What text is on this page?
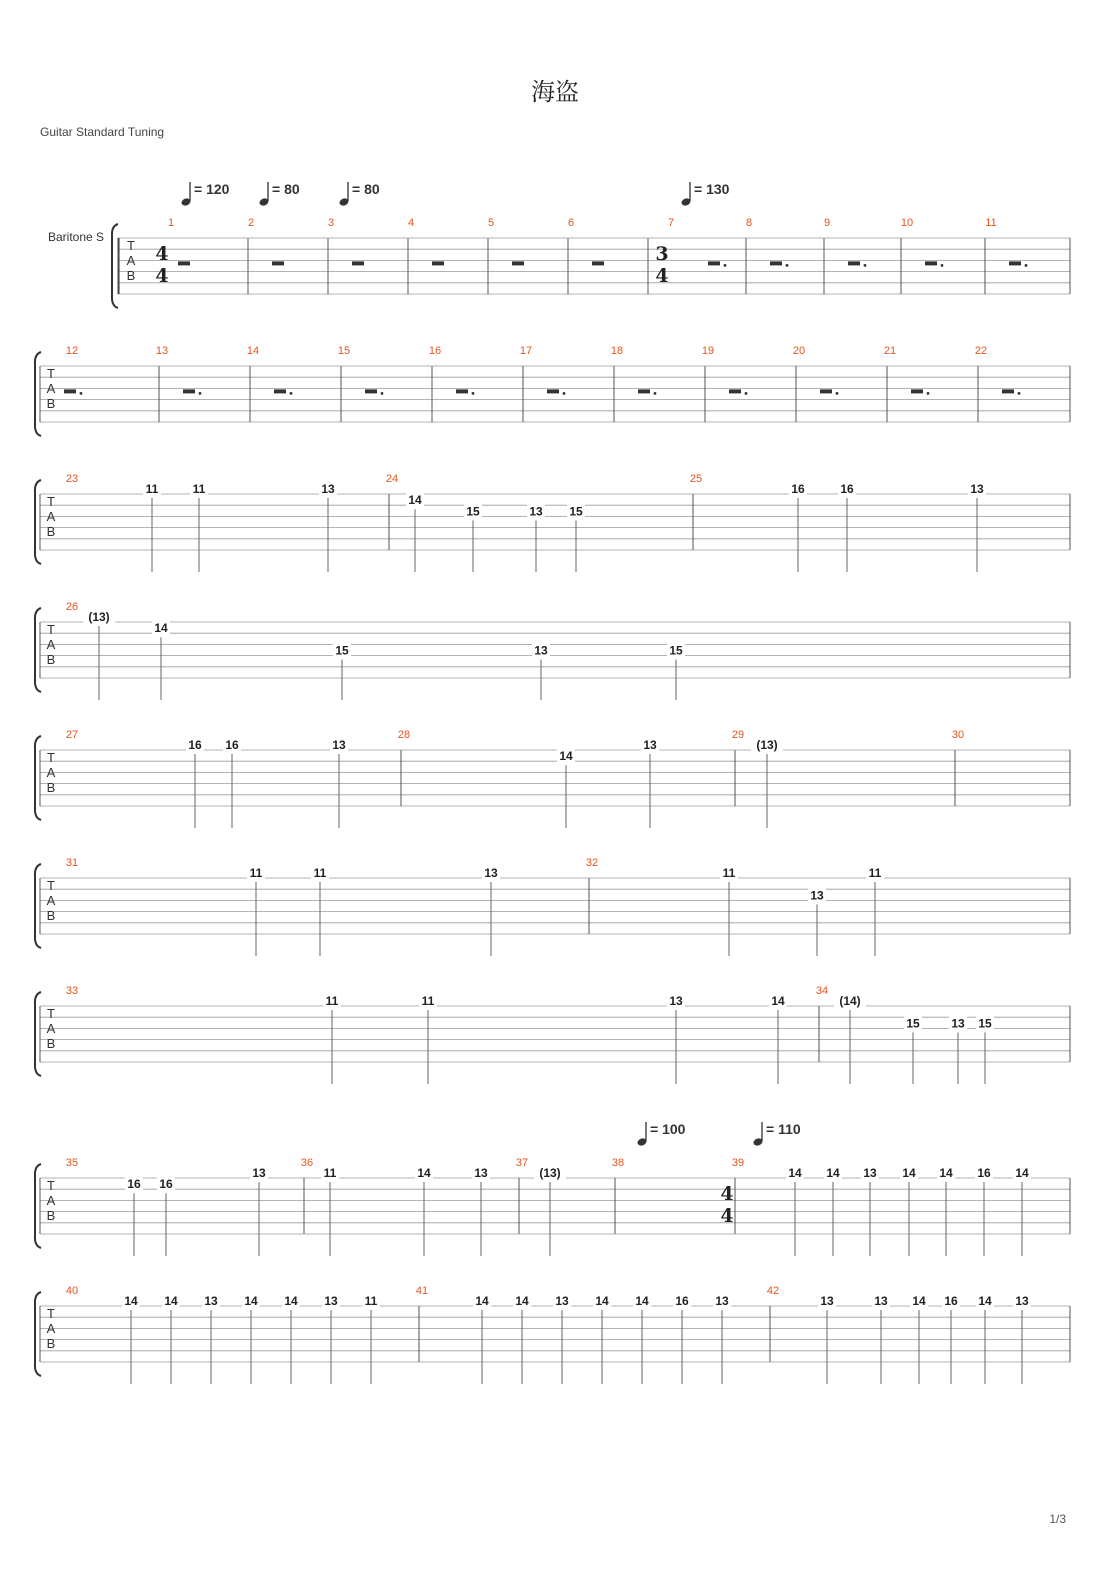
海盗
Guitar Standard Tuning
Baritone S
1/3
= 120	= 80	= 80	= 130
= 100	= 110
T
A
B
4
4
3
4
1	2	3	4	5	6	7	8	9	10	11
T
A
B
12	13	14	15	16	17	18	19	20	21	22
T
A
B
23	24	25
11	11	13
14
15	13 15
16	16	13
T
A
B
26
(13)
14
15	13	15
T
A
B
27	28	29	30
16 16	13
14
13	(13)
T
A
B
31	32
11	11	13	11
13
11
T
A
B
33	34
11	11	13	14	(14)
15	13 15
T
A
B
4
4
35	36	37	38	39
16 16
13	11	14	13	(13)	14 14 13 14 14 16 14
T
A
B
40	41	42
14 14 13 14 14 13 11	14 14 13 14 14 16 13	13	13 14 16 14 13
